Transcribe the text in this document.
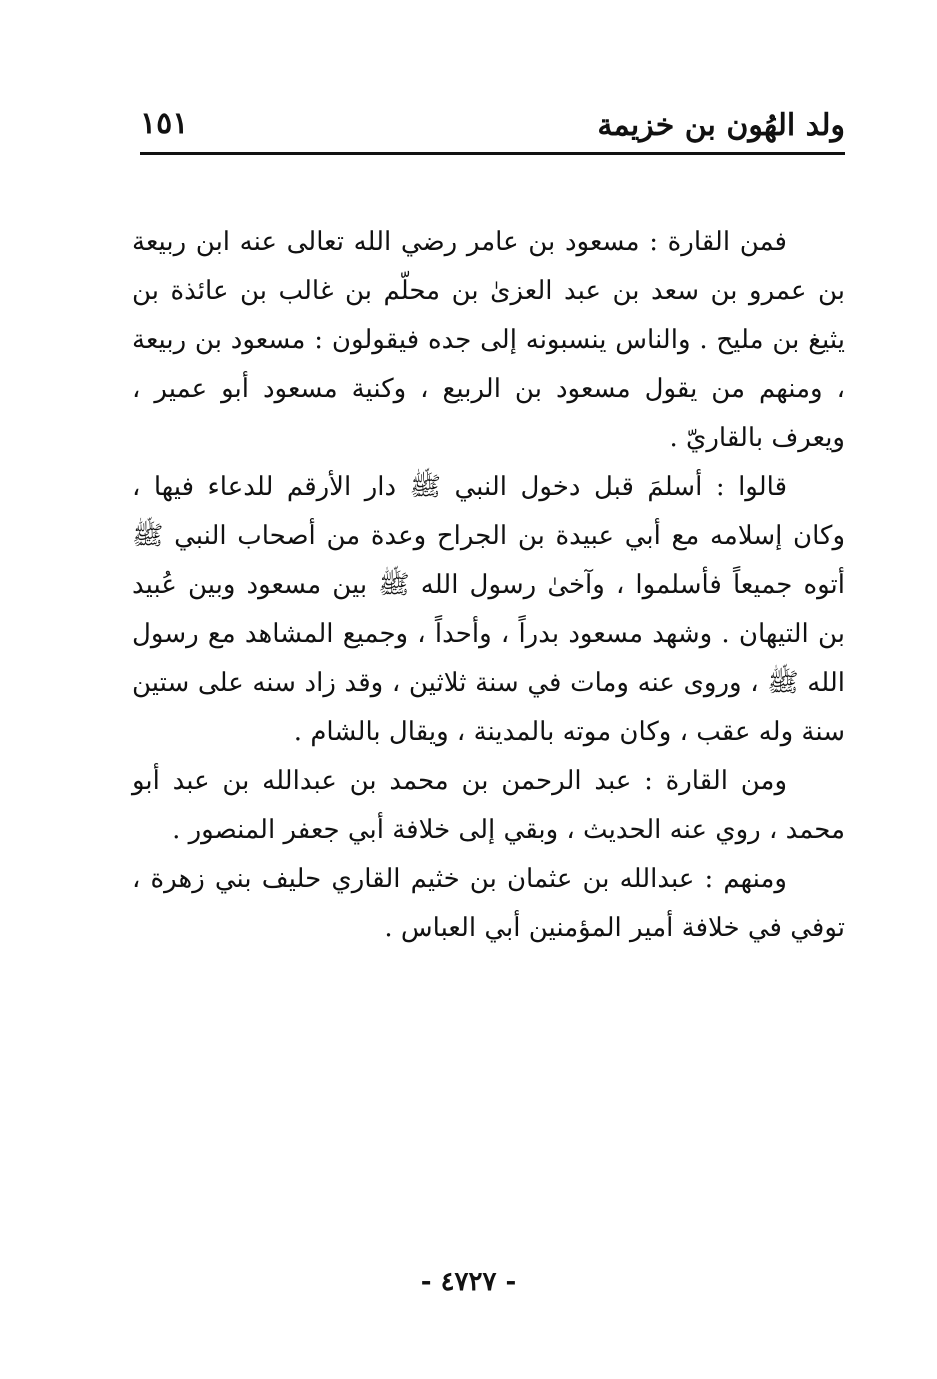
ولد الهُون بن خزيمة
١٥١

فمن القارة : مسعود بن عامر رضي الله تعالى عنه ابن ربيعة بن عمرو بن سعد بن عبد العزىٰ بن محلّم بن غالب بن عائذة بن يثيغ بن مليح . والناس ينسبونه إلى جده فيقولون : مسعود بن ربيعة ، ومنهم من يقول مسعود بن الربيع ، وكنية مسعود أبو عمير ، ويعرف بالقاريّ .

قالوا : أسلمَ قبل دخول النبي ﷺ دار الأرقم للدعاء فيها ، وكان إسلامه مع أبي عبيدة بن الجراح وعدة من أصحاب النبي ﷺ أتوه جميعاً فأسلموا ، وآخىٰ رسول الله ﷺ بين مسعود وبين عُبيد بن التيهان . وشهد مسعود بدراً ، وأحداً ، وجميع المشاهد مع رسول الله ﷺ ، وروى عنه ومات في سنة ثلاثين ، وقد زاد سنه على ستين سنة وله عقب ، وكان موته بالمدينة ، ويقال بالشام .

ومن القارة : عبد الرحمن بن محمد بن عبدالله بن عبد أبو محمد ، روي عنه الحديث ، وبقي إلى خلافة أبي جعفر المنصور .

ومنهم : عبدالله بن عثمان بن خثيم القاري حليف بني زهرة ، توفي في خلافة أمير المؤمنين أبي العباس .

- ٤٧٢٧ -
